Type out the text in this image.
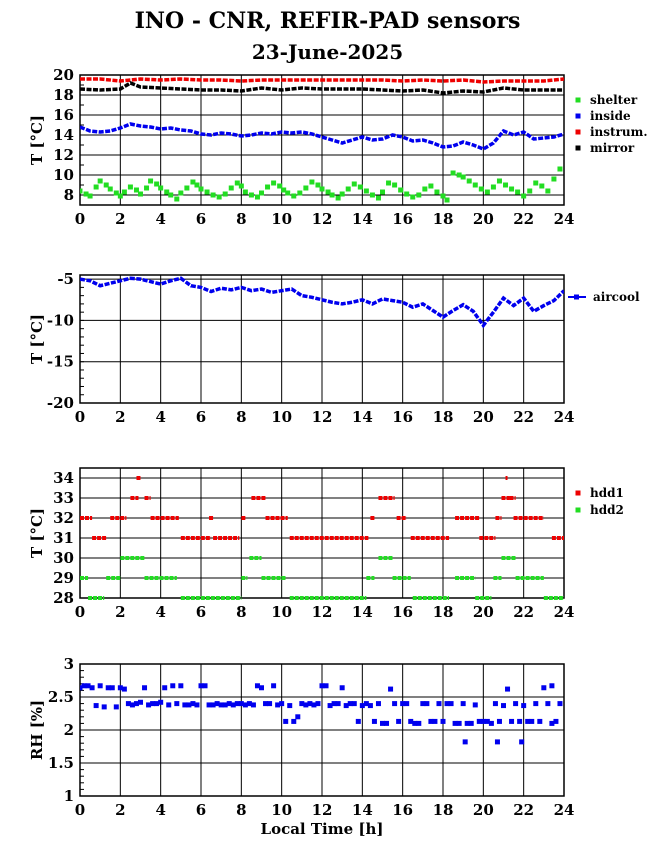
INO - CNR, REFIR-PAD sensors
23-June-2025
0 2 4 6 8 10 12 14 16 18 20 22 24
8
10
12
14
16
18
20
T [°C]
shelter
inside
instrum.
mirror
0 2 4 6 8 10 12 14 16 18 20 22 24
-5
-10
-15
-20
T [°C]
aircool
0 2 4 6 8 10 12 14 16 18 20 22 24
28
29
30
31
32
33
34
T [°C]
hdd1
hdd2
0 2 4 6 8 10 12 14 16 18 20 22 24
1
1.5
2
2.5
3
RH [%]
Local Time [h]
